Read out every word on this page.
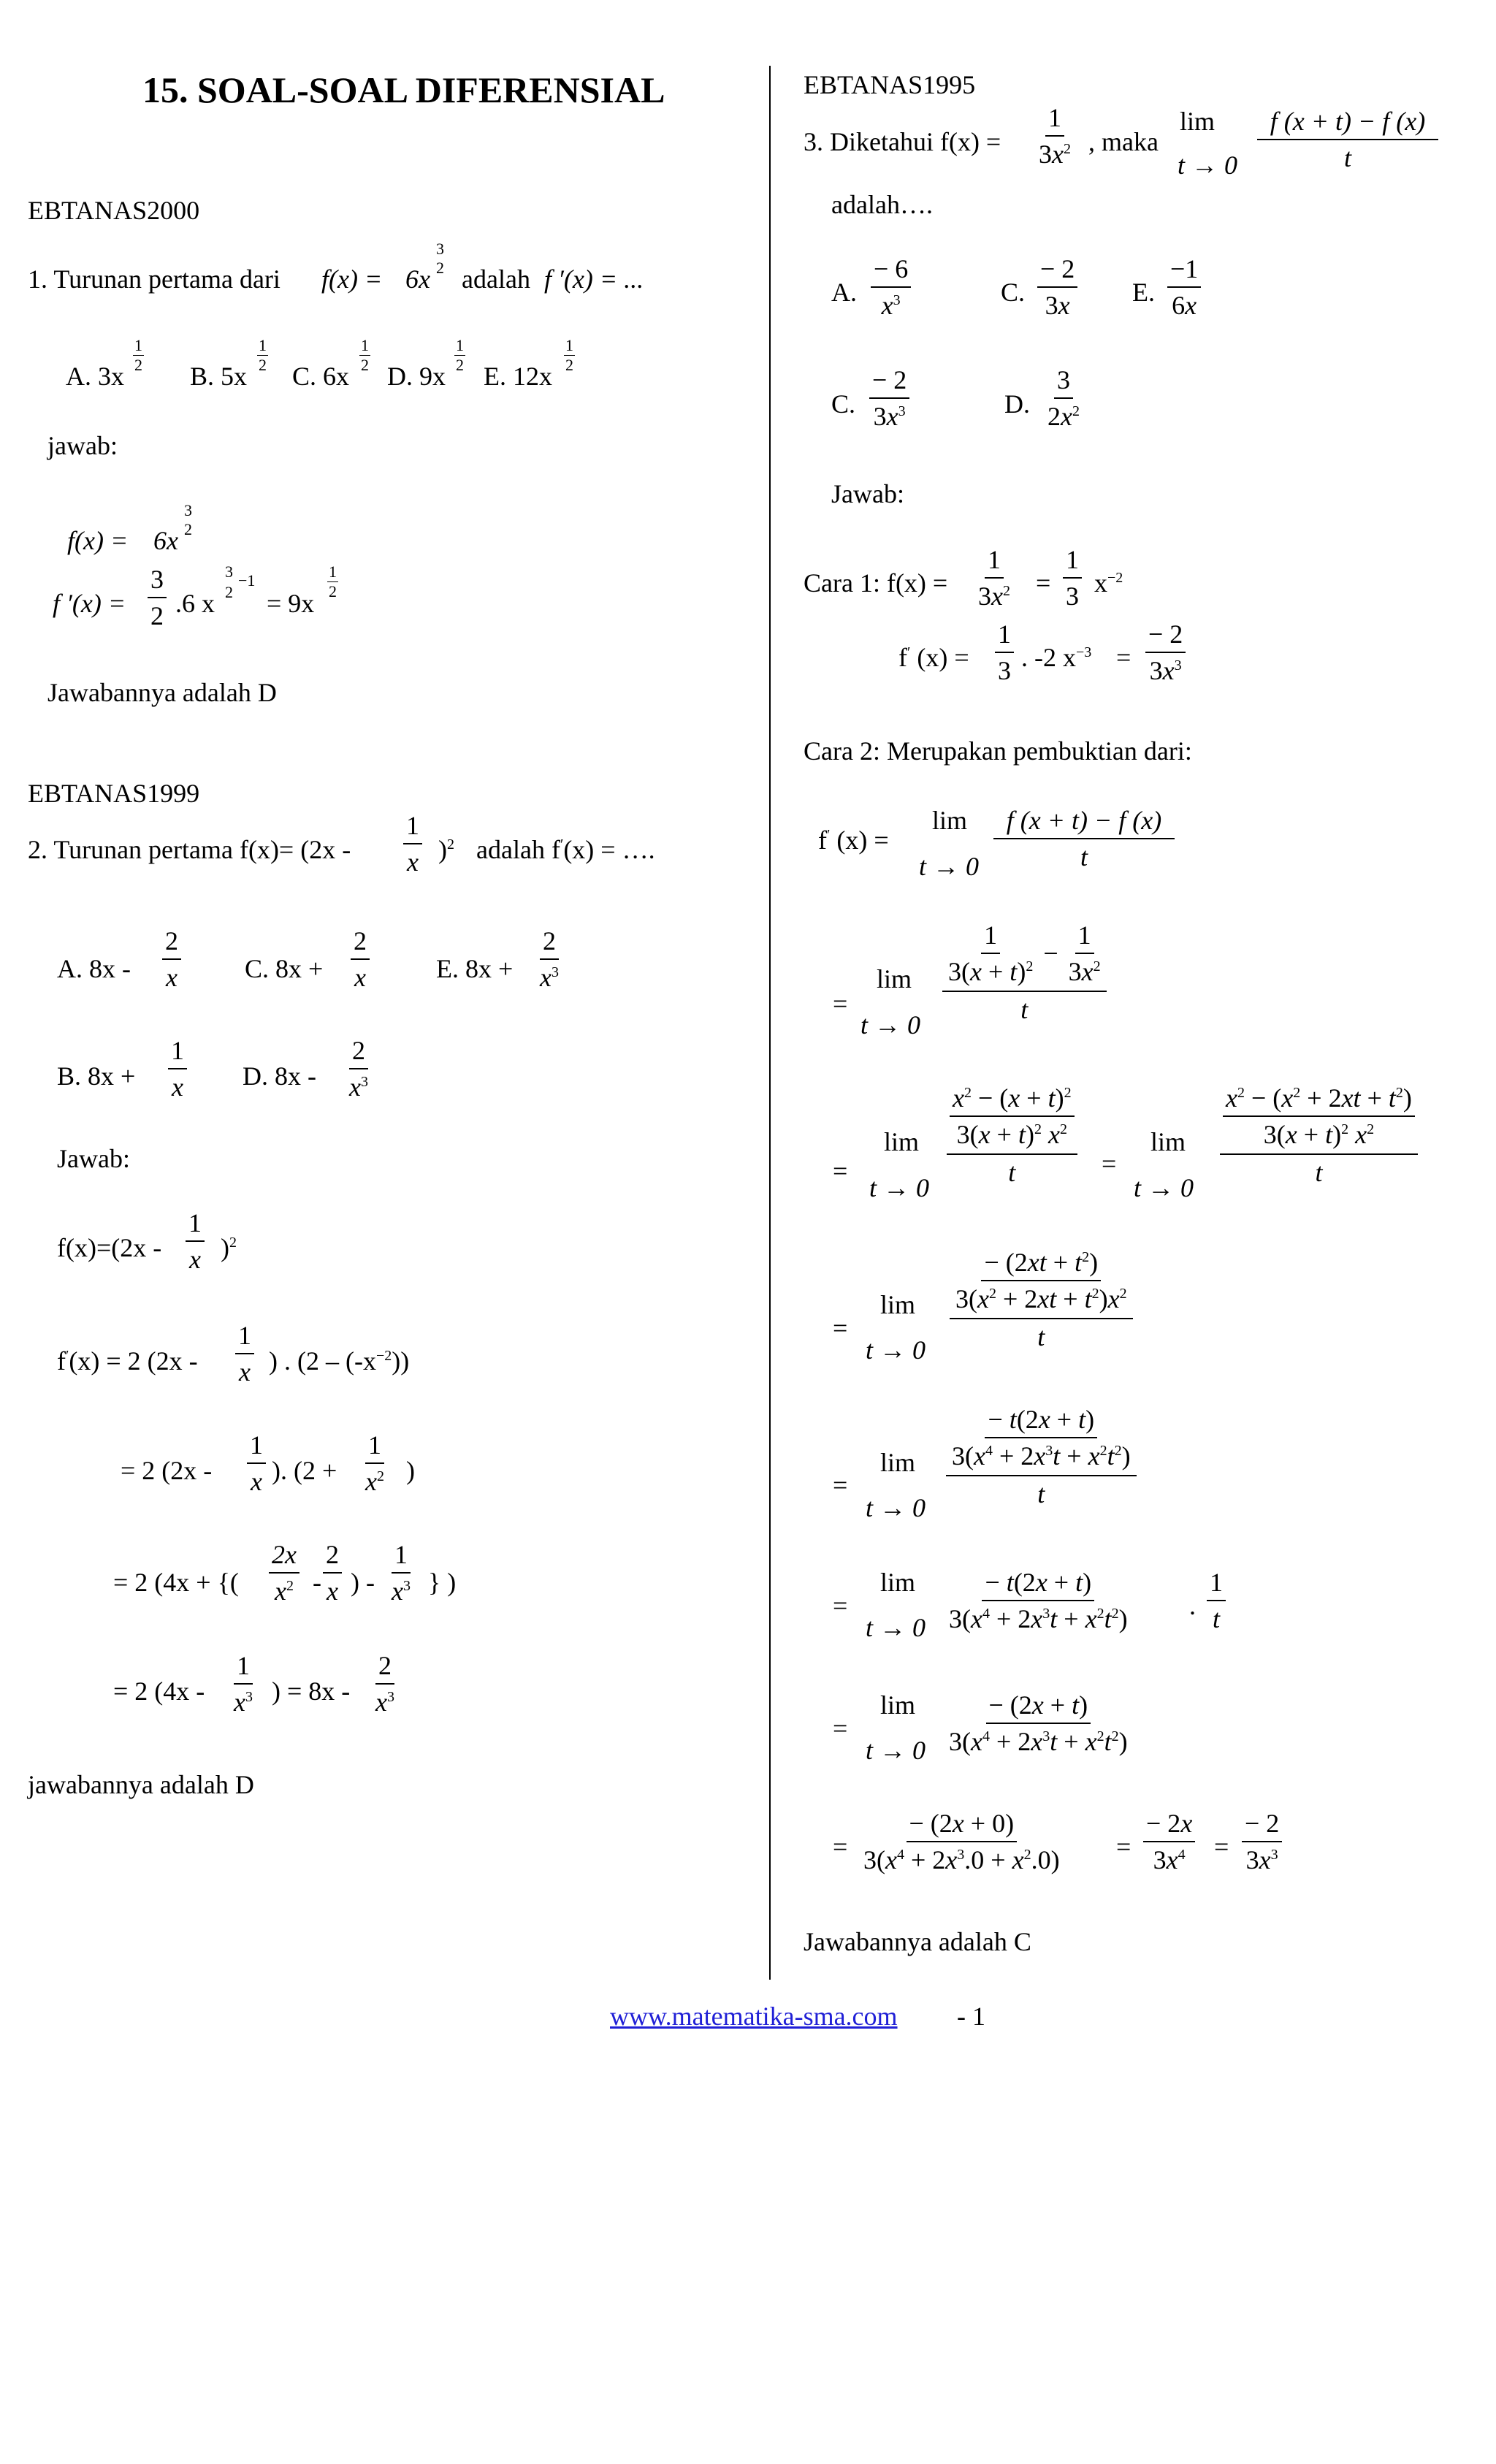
15. SOAL-SOAL DIFERENSIAL
EBTANAS2000
1. Turunan pertama dari f(x) = 6x
3
2 adalah f ′(x) = ...
A. 3x
$\frac{1}{2}$
B. 5x
$\frac{1}{2}$
C. 6x
$\frac{1}{2}$
D. 9x
$\frac{1}{2}$
E. 12x
$\frac{1}{2}$
jawab:
f(x) = 6x
3
2
f $'(x) = \frac{3}{2} .6$ x
3 −1
2 = 9x
$\frac{1}{2}$
Jawabannya adalah D
EBTANAS1999
2. Turunan pertama $f(x)= (2x - \frac{1}{x} )^2$ adalah f′(x) = ….
A. $8x - \frac{2}{x} C$. $8x + \frac{2}{x}$	E. $8x + \frac{2}{x^3}$
B. $8x + \frac{1}{x} D$. $8x - \frac{2}{x^3}$
Jawab:
$f(x)=(2x - \frac{1}{x} )^2$
f′(x) = 2 ($2x - \frac{1}{x}$ ) . $(2 - (-x^{-2}))$
= 2 ($2x - \frac{1}{x}$ ). ($2 + \frac{1}{x^2}$ )
= 2 (4x + {( $\frac{2x}{x^2} - \frac{2}{x}$ ) - $\frac{1}{x^3}$ } )
= 2 ($4x - \frac{1}{x^3}$ ) = $8x - \frac{2}{x^3}$
jawabannya adalah D
EBTANAS1995
3. Diketahui $f(x) = \frac{1}{3x^2}$ , maka
lim
$t \to 0 \frac{f (x + t) - f (x)}{t}$
adalah….
A. $\frac{- 6}{x^3}$	C. $\frac{- 2}{3x} E$. $\frac{-1}{6x}$
C. $\frac{- 2}{3x^3}$	D. $\frac{3}{2x^2}$
Jawab:
Cara 1: $f(x) = \frac{1}{3x^2} = \frac{1}{3} x^{-2}$
f′ $(x) = \frac{1}{3}$ . -2 $x^{-3} = \frac{- 2}{3x^3}$
Cara 2: Merupakan pembuktian dari:
f′ (x) =
lim
$t \to 0 \frac{f (x + t) - f (x)}{t}$
=
lim
t → 0
$\frac{\frac{1}{3(x + t)^2} - \frac{1}{3x^2}}{t}$
=
lim
t → 0
$x^2 - (x + t)^2$
$3(x + t)^2$ $x^2$
t =
lim
t → 0
$x^2 - (x^2 + 2xt + t^2)$
$3(x + t)^2$ $x^2$
t
=
lim
$t \to 0 - (2xt + t^2)$
$3(x^2 + 2xt + t^2)x^2$
t
=
lim
t → 0
− t(2x + t)
$3(x^4 + 2x^3t + x^2t^2)$
t
=
lim
$t \to 0 \frac{- t(2x + t)}{3(x^4 + 2x^3t + x^2t^2)}$ . $\frac{1}{t}$
=
lim
$t \to 0 \frac{- (2x + t)}{3(x^4 + 2x^3t + x^2t^2)}$
= $\frac{- (2x + 0)}{3(x^4 + 2x^3.0 + x^2.0)} = \frac{- 2x}{3x^4} = \frac{- 2}{3x^3}$
Jawabannya adalah C
www.matematika-sma.com - 1
